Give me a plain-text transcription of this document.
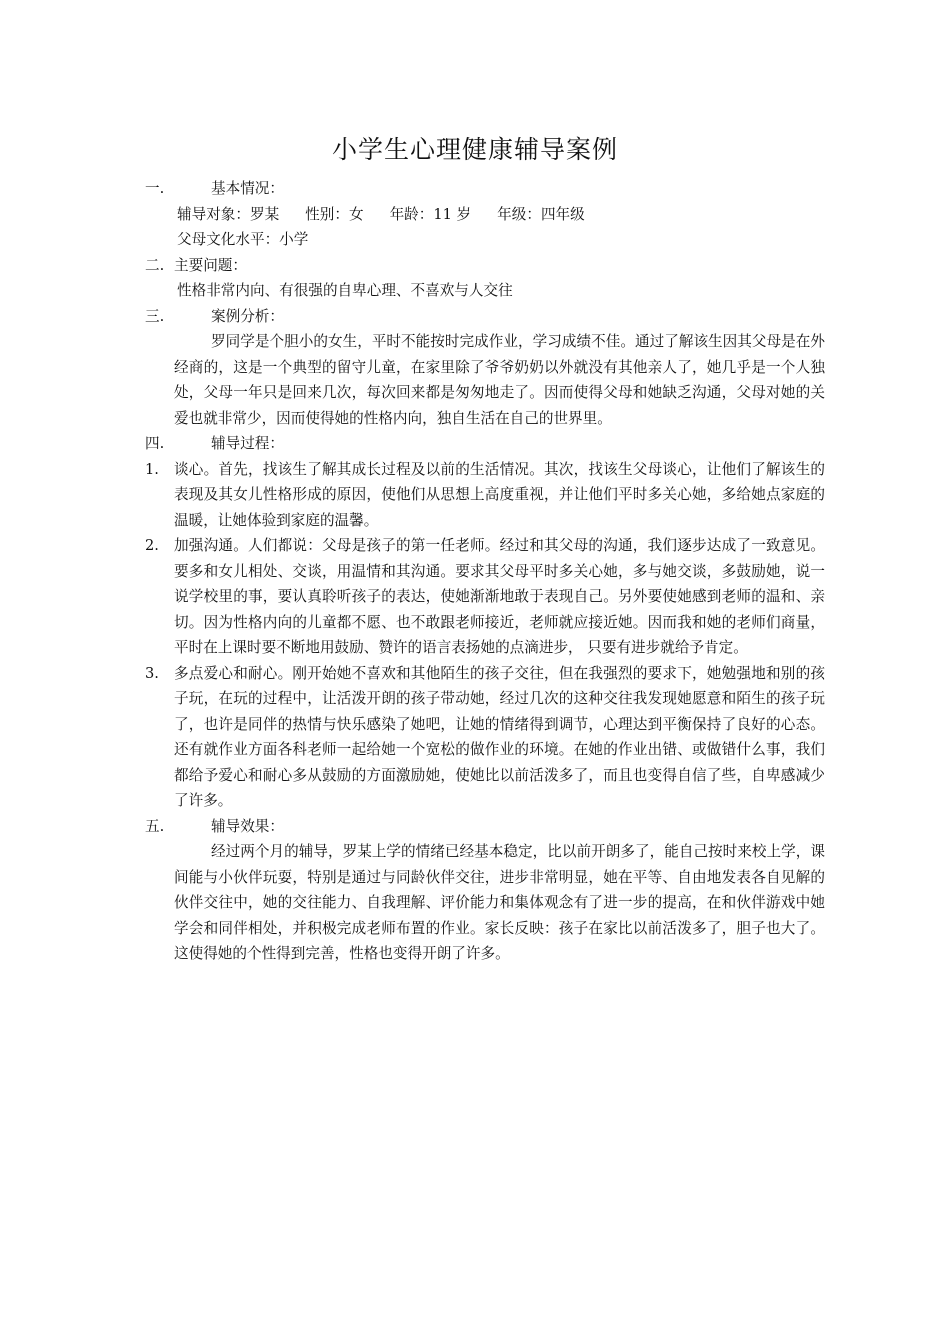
小学生心理健康辅导案例
一.	基本情况：
辅导对象：罗某 性别：女 年龄：11 岁 年级：四年级
父母文化水平：小学
二. 主要问题：
性格非常内向、有很强的自卑心理、不喜欢与人交往
三.	案例分析：
罗同学是个胆小的女生，平时不能按时完成作业，学习成绩不佳。通过了解该生因其父母是在外经商的，这是一个典型的留守儿童，在家里除了爷爷奶奶以外就没有其他亲人了，她几乎是一个人独处，父母一年只是回来几次，每次回来都是匆匆地走了。因而使得父母和她缺乏沟通，父母对她的关爱也就非常少，因而使得她的性格内向，独自生活在自己的世界里。
四.	辅导过程：
1.	谈心。首先，找该生了解其成长过程及以前的生活情况。其次，找该生父母谈心，让他们了解该生的表现及其女儿性格形成的原因，使他们从思想上高度重视，并让他们平时多关心她，多给她点家庭的温暖，让她体验到家庭的温馨。
2.	加强沟通。人们都说：父母是孩子的第一任老师。经过和其父母的沟通，我们逐步达成了一致意见。要多和女儿相处、交谈，用温情和其沟通。要求其父母平时多关心她，多与她交谈，多鼓励她，说一说学校里的事，要认真聆听孩子的表达，使她渐渐地敢于表现自己。另外要使她感到老师的温和、亲切。因为性格内向的儿童都不愿、也不敢跟老师接近，老师就应接近她。因而我和她的老师们商量，平时在上课时要不断地用鼓励、赞许的语言表扬她的点滴进步， 只要有进步就给予肯定。
3.	多点爱心和耐心。刚开始她不喜欢和其他陌生的孩子交往，但在我强烈的要求下，她勉强地和别的孩子玩，在玩的过程中，让活泼开朗的孩子带动她，经过几次的这种交往我发现她愿意和陌生的孩子玩了，也许是同伴的热情与快乐感染了她吧，让她的情绪得到调节，心理达到平衡保持了良好的心态。还有就作业方面各科老师一起给她一个宽松的做作业的环境。在她的作业出错、或做错什么事，我们都给予爱心和耐心多从鼓励的方面激励她，使她比以前活泼多了，而且也变得自信了些，自卑感减少了许多。
五.	辅导效果：
经过两个月的辅导，罗某上学的情绪已经基本稳定，比以前开朗多了，能自己按时来校上学，课间能与小伙伴玩耍，特别是通过与同龄伙伴交往，进步非常明显，她在平等、自由地发表各自见解的伙伴交往中，她的交往能力、自我理解、评价能力和集体观念有了进一步的提高，在和伙伴游戏中她学会和同伴相处，并积极完成老师布置的作业。家长反映：孩子在家比以前活泼多了，胆子也大了。这使得她的个性得到完善，性格也变得开朗了许多。
